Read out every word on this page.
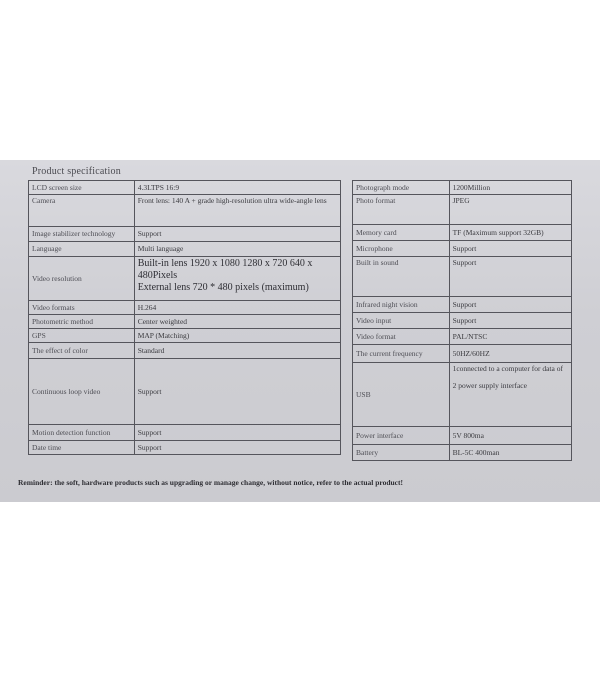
Product specification
LCD screen size	4.3LTPS 16:9
Camera	Front lens: 140 A + grade high-resolution ultra wide-angle lens
Image stabilizer technology	Support
Language	Multi language
Video resolution	Built-in lens 1920 x 1080 1280 x 720 640 x 480Pixels
External lens 720 * 480 pixels (maximum)

Video formats	H.264
Photometric method	Center weighted
GPS	MAP (Matching)
The effect of color	Standard
Continuous loop video	Support
Motion detection function	Support
Date time	Support
Photograph mode	1200Million
Photo format	JPEG
Memory card	TF (Maximum support 32GB)
Microphone	Support
Built in sound	Support
Infrared night vision	Support
Video input	Support
Video format	PAL/NTSC
The current frequency	50HZ/60HZ
USB	1connected to a computer for data of
2 power supply interface

Power interface	5V 800ma
Battery	BL-5C 400man
Reminder: the soft, hardware products such as upgrading or manage change, without notice, refer to the actual product!
